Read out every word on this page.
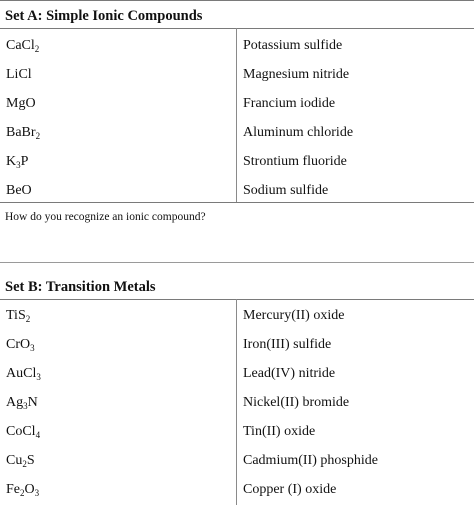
Set A: Simple Ionic Compounds
CaCl$_2$	Potassium sulfide
LiCl	Magnesium nitride
MgO	Francium iodide
BaBr$_2$	Aluminum chloride
$K_3P$	Strontium fluoride
BeO	Sodium sulfide
How do you recognize an ionic compound?
Set B: Transition Metals
TiS$_2$	Mercury(II) oxide
CrO$_3$	Iron(III) sulfide
AuCl$_3$	Lead(IV) nitride
$Ag_3N$	Nickel(II) bromide
CoCl$_4$	Tin(II) oxide
$Cu_2S$	Cadmium(II) phosphide
$Fe_2O_3$	Copper (I) oxide
